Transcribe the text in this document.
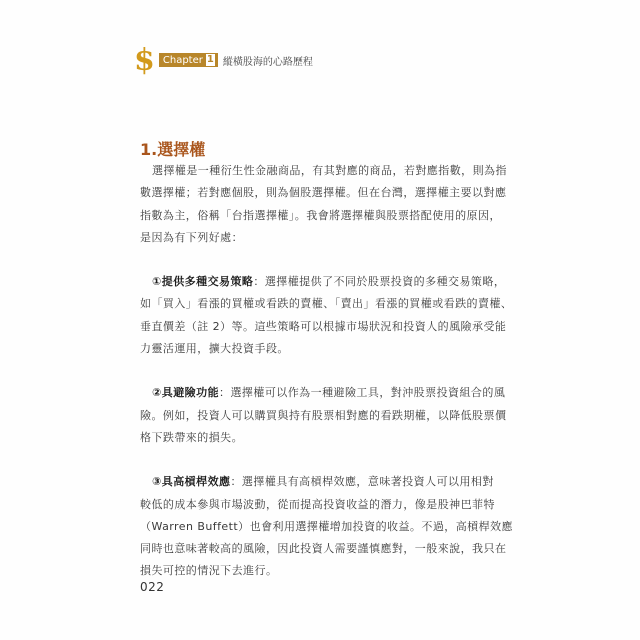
$ Chapter 1 縱橫股海的心路歷程
1.選擇權

選擇權是一種衍生性金融商品，有其對應的商品，若對應指數，則為指
數選擇權；若對應個股，則為個股選擇權。但在台灣，選擇權主要以對應
指數為主，俗稱「台指選擇權」。我會將選擇權與股票搭配使用的原因，
是因為有下列好處：

①提供多種交易策略：選擇權提供了不同於股票投資的多種交易策略，
如「買入」看漲的買權或看跌的賣權、「賣出」看漲的買權或看跌的賣權、
垂直價差（註 2）等。這些策略可以根據市場狀況和投資人的風險承受能
力靈活運用，擴大投資手段。

②具避險功能：選擇權可以作為一種避險工具，對沖股票投資組合的風
險。例如，投資人可以購買與持有股票相對應的看跌期權，以降低股票價
格下跌帶來的損失。

③具高槓桿效應：選擇權具有高槓桿效應，意味著投資人可以用相對
較低的成本參與市場波動，從而提高投資收益的潛力，像是股神巴菲特
（Warren Buffett）也會利用選擇權增加投資的收益。不過，高槓桿效應
同時也意味著較高的風險，因此投資人需要謹慎應對，一般來說，我只在
損失可控的情況下去進行。

022
